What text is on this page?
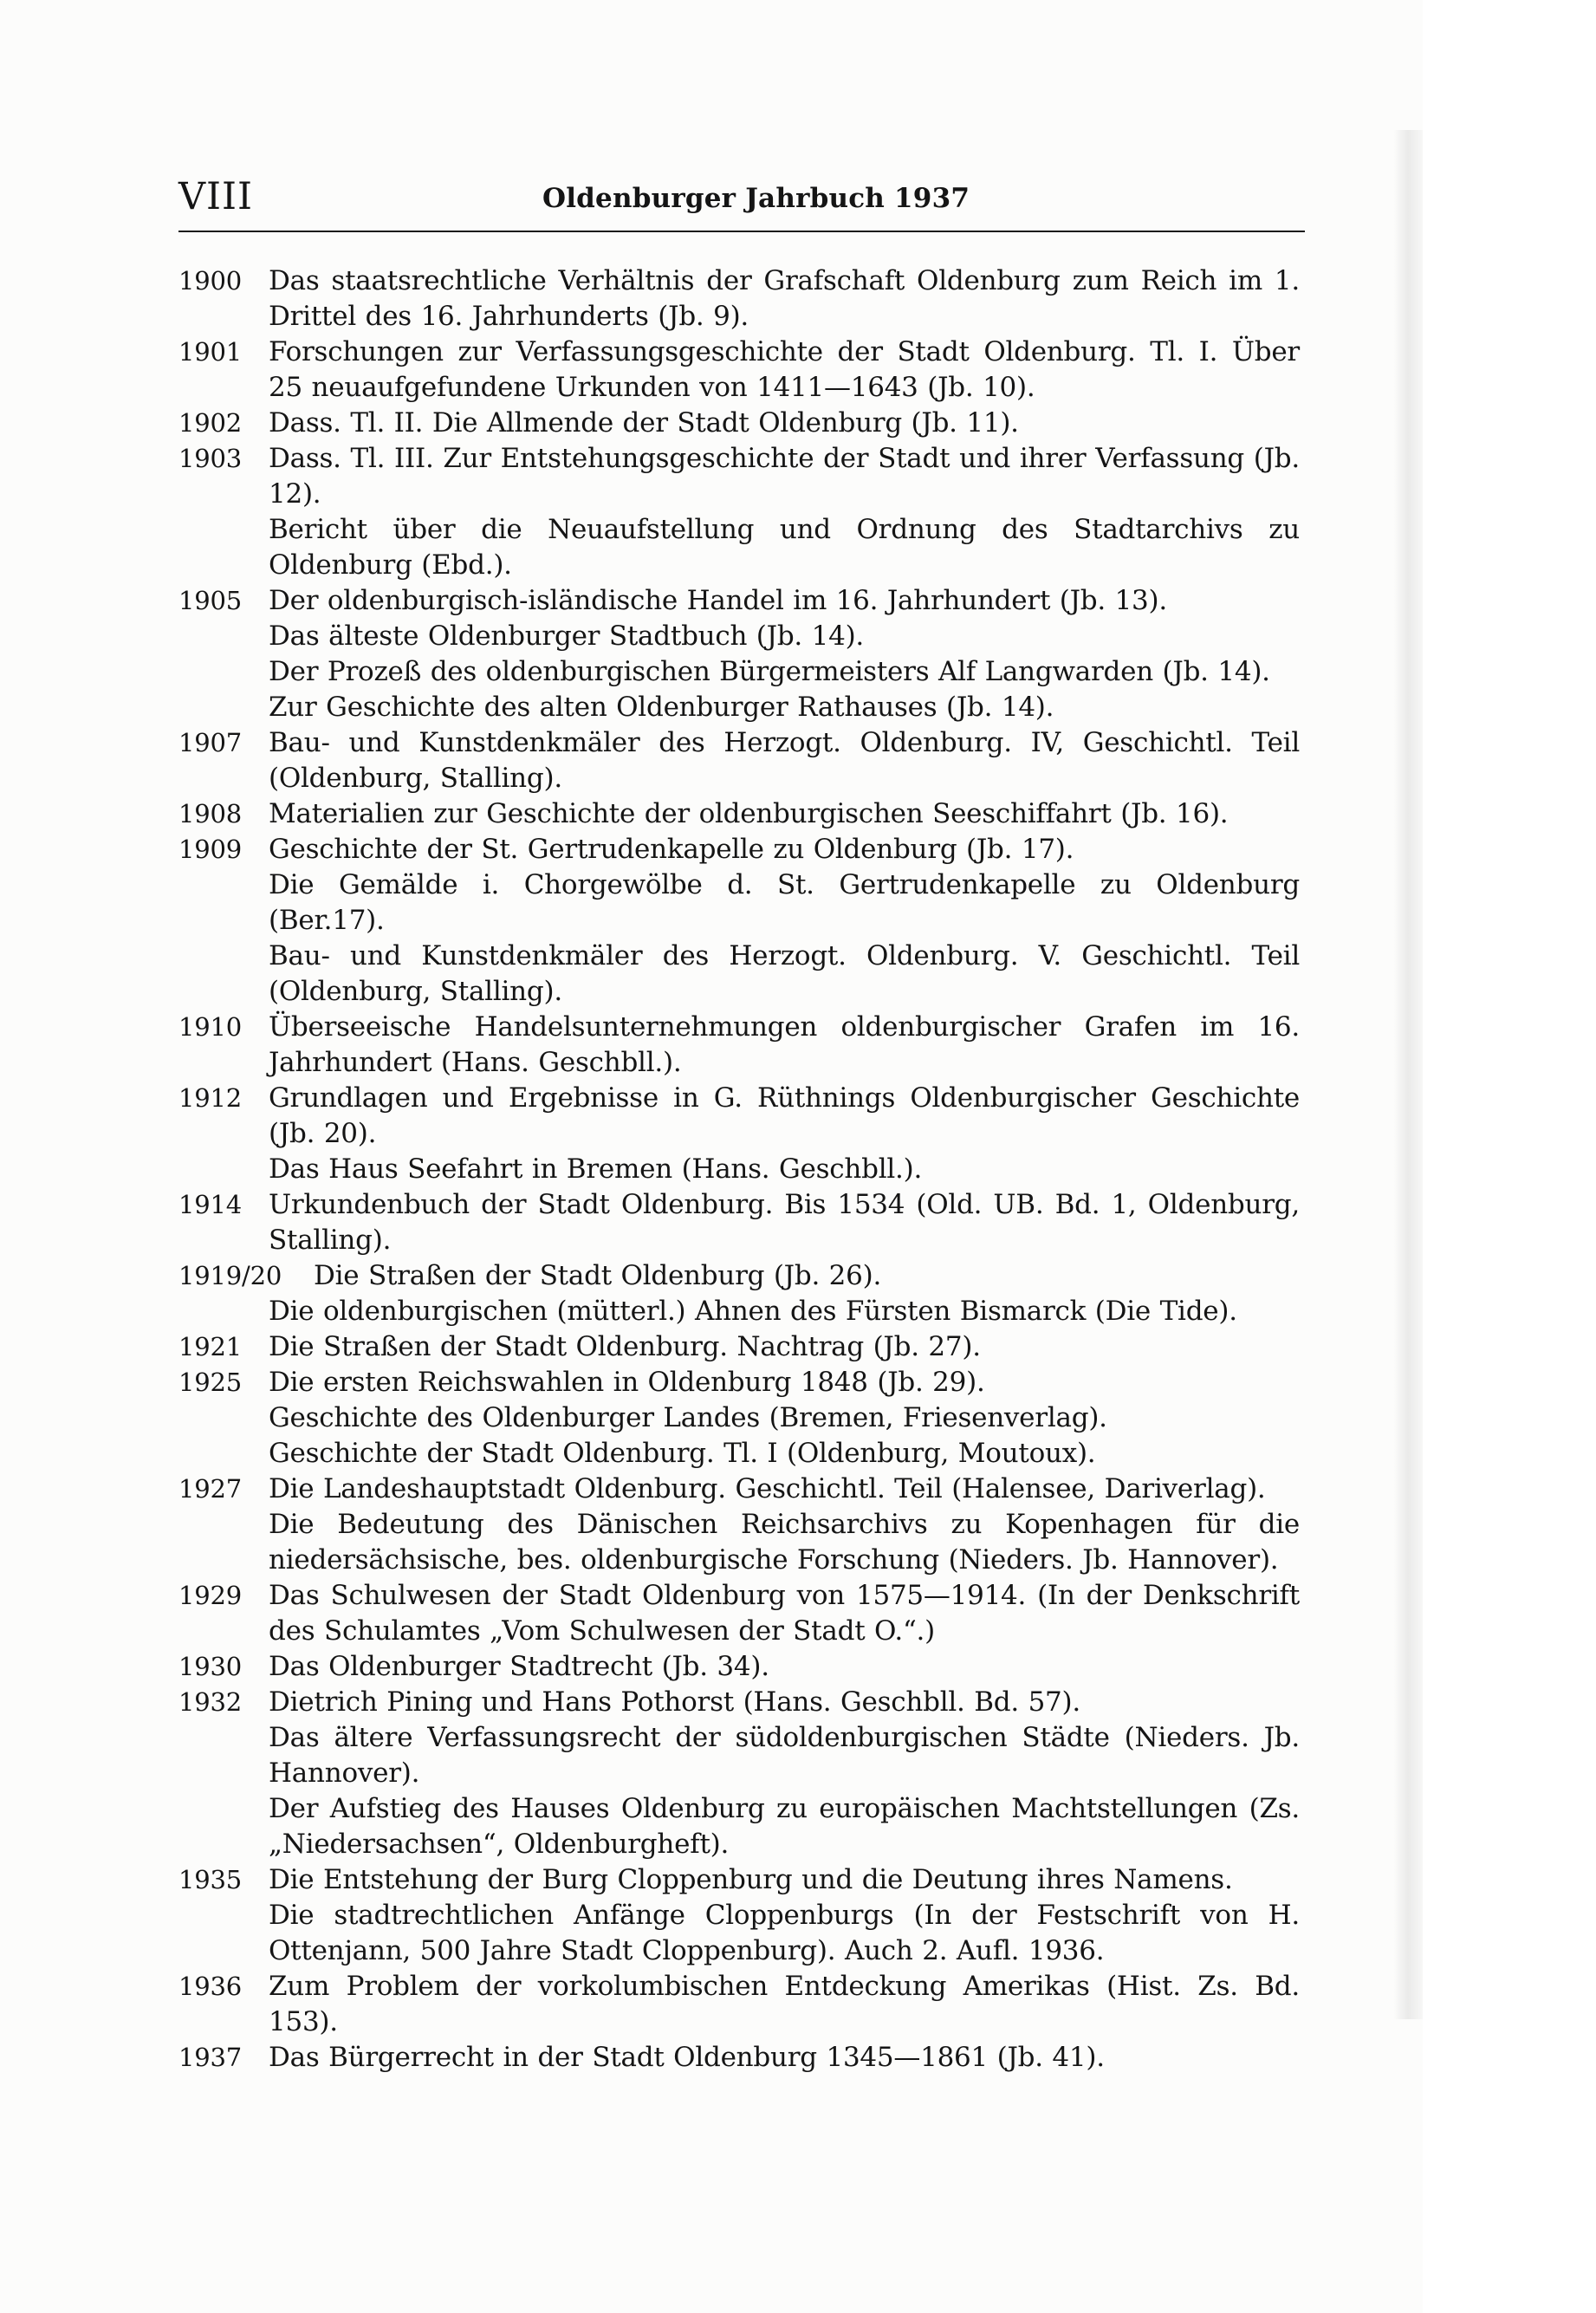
VIII	Oldenburger Jahrbuch 1937
1900 Das staatsrechtliche Verhältnis der Grafschaft Oldenburg zum Reich im 1. Drittel des 16. Jahrhunderts (Jb. 9).
1901 Forschungen zur Verfassungsgeschichte der Stadt Oldenburg. Tl. I. Über 25 neuaufgefundene Urkunden von 1411—1643 (Jb. 10).
1902 Dass. Tl. II. Die Allmende der Stadt Oldenburg (Jb. 11).
1903 Dass. Tl. III. Zur Entstehungsgeschichte der Stadt und ihrer Verfassung (Jb. 12).
Bericht über die Neuaufstellung und Ordnung des Stadtarchivs zu Oldenburg (Ebd.).
1905 Der oldenburgisch-isländische Handel im 16. Jahrhundert (Jb. 13).
Das älteste Oldenburger Stadtbuch (Jb. 14).
Der Prozeß des oldenburgischen Bürgermeisters Alf Langwarden (Jb. 14).
Zur Geschichte des alten Oldenburger Rathauses (Jb. 14).
1907 Bau- und Kunstdenkmäler des Herzogt. Oldenburg. IV, Geschichtl. Teil (Oldenburg, Stalling).
1908 Materialien zur Geschichte der oldenburgischen Seeschiffahrt (Jb. 16).
1909 Geschichte der St. Gertrudenkapelle zu Oldenburg (Jb. 17).
Die Gemälde i. Chorgewölbe d. St. Gertrudenkapelle zu Oldenburg (Ber.17).
Bau- und Kunstdenkmäler des Herzogt. Oldenburg. V. Geschichtl. Teil (Oldenburg, Stalling).
1910 Überseeische Handelsunternehmungen oldenburgischer Grafen im 16. Jahrhundert (Hans. Geschbll.).
1912 Grundlagen und Ergebnisse in G. Rüthnings Oldenburgischer Geschichte (Jb. 20).
Das Haus Seefahrt in Bremen (Hans. Geschbll.).
1914 Urkundenbuch der Stadt Oldenburg. Bis 1534 (Old. UB. Bd. 1, Oldenburg, Stalling).
1919/20	Die Straßen der Stadt Oldenburg (Jb. 26).
Die oldenburgischen (mütterl.) Ahnen des Fürsten Bismarck (Die Tide).
1921 Die Straßen der Stadt Oldenburg. Nachtrag (Jb. 27).
1925 Die ersten Reichswahlen in Oldenburg 1848 (Jb. 29).
Geschichte des Oldenburger Landes (Bremen, Friesenverlag).
Geschichte der Stadt Oldenburg. Tl. I (Oldenburg, Moutoux).
1927 Die Landeshauptstadt Oldenburg. Geschichtl. Teil (Halensee, Dariverlag).
Die Bedeutung des Dänischen Reichsarchivs zu Kopenhagen für die niedersächsische, bes. oldenburgische Forschung (Nieders. Jb. Hannover).
1929 Das Schulwesen der Stadt Oldenburg von 1575—1914. (In der Denkschrift des Schulamtes „Vom Schulwesen der Stadt O.“.)
1930 Das Oldenburger Stadtrecht (Jb. 34).
1932 Dietrich Pining und Hans Pothorst (Hans. Geschbll. Bd. 57).
Das ältere Verfassungsrecht der südoldenburgischen Städte (Nieders. Jb. Hannover).
Der Aufstieg des Hauses Oldenburg zu europäischen Machtstellungen (Zs. „Niedersachsen“, Oldenburgheft).
1935 Die Entstehung der Burg Cloppenburg und die Deutung ihres Namens.
Die stadtrechtlichen Anfänge Cloppenburgs (In der Festschrift von H. Ottenjann, 500 Jahre Stadt Cloppenburg). Auch 2. Aufl. 1936.
1936 Zum Problem der vorkolumbischen Entdeckung Amerikas (Hist. Zs. Bd. 153).
1937 Das Bürgerrecht in der Stadt Oldenburg 1345—1861 (Jb. 41).
